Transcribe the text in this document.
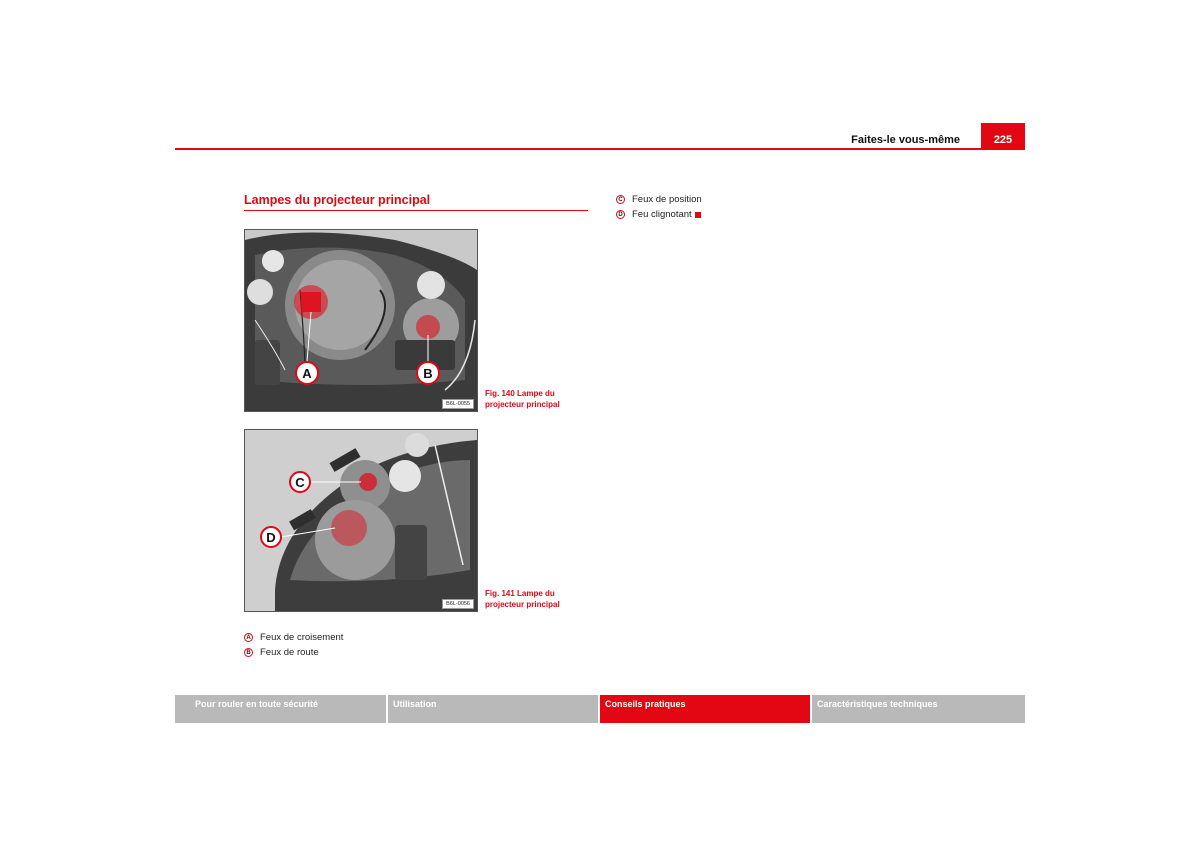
Faites-le vous-même	225
Lampes du projecteur principal
A	B
B6L-0055
Fig. 140 Lampe du
projecteur principal
C
D
B6L-0056
Fig. 141 Lampe du
projecteur principal
A Feux de croisement
B Feux de route
C Feux de position
D Feu clignotant
Pour rouler en toute sécurité	Utilisation	Conseils pratiques	Caractéristiques techniques
